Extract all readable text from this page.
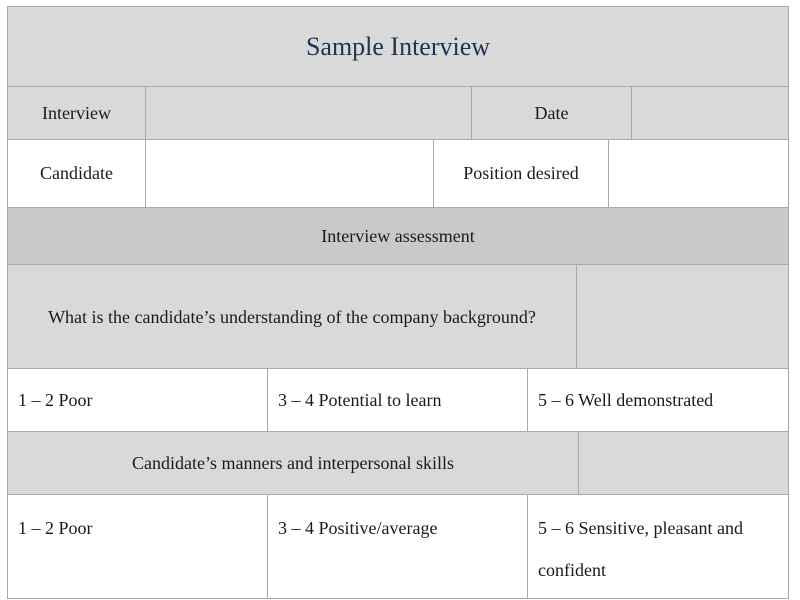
Sample Interview
Interview	Date
Candidate	Position desired
Interview assessment
What is the candidate’s understanding of the company background?
1 – 2 Poor	3 – 4 Potential to learn	5 – 6 Well demonstrated
Candidate’s manners and interpersonal skills
1 – 2 Poor	3 – 4 Positive/average	5 – 6 Sensitive, pleasant and confident
